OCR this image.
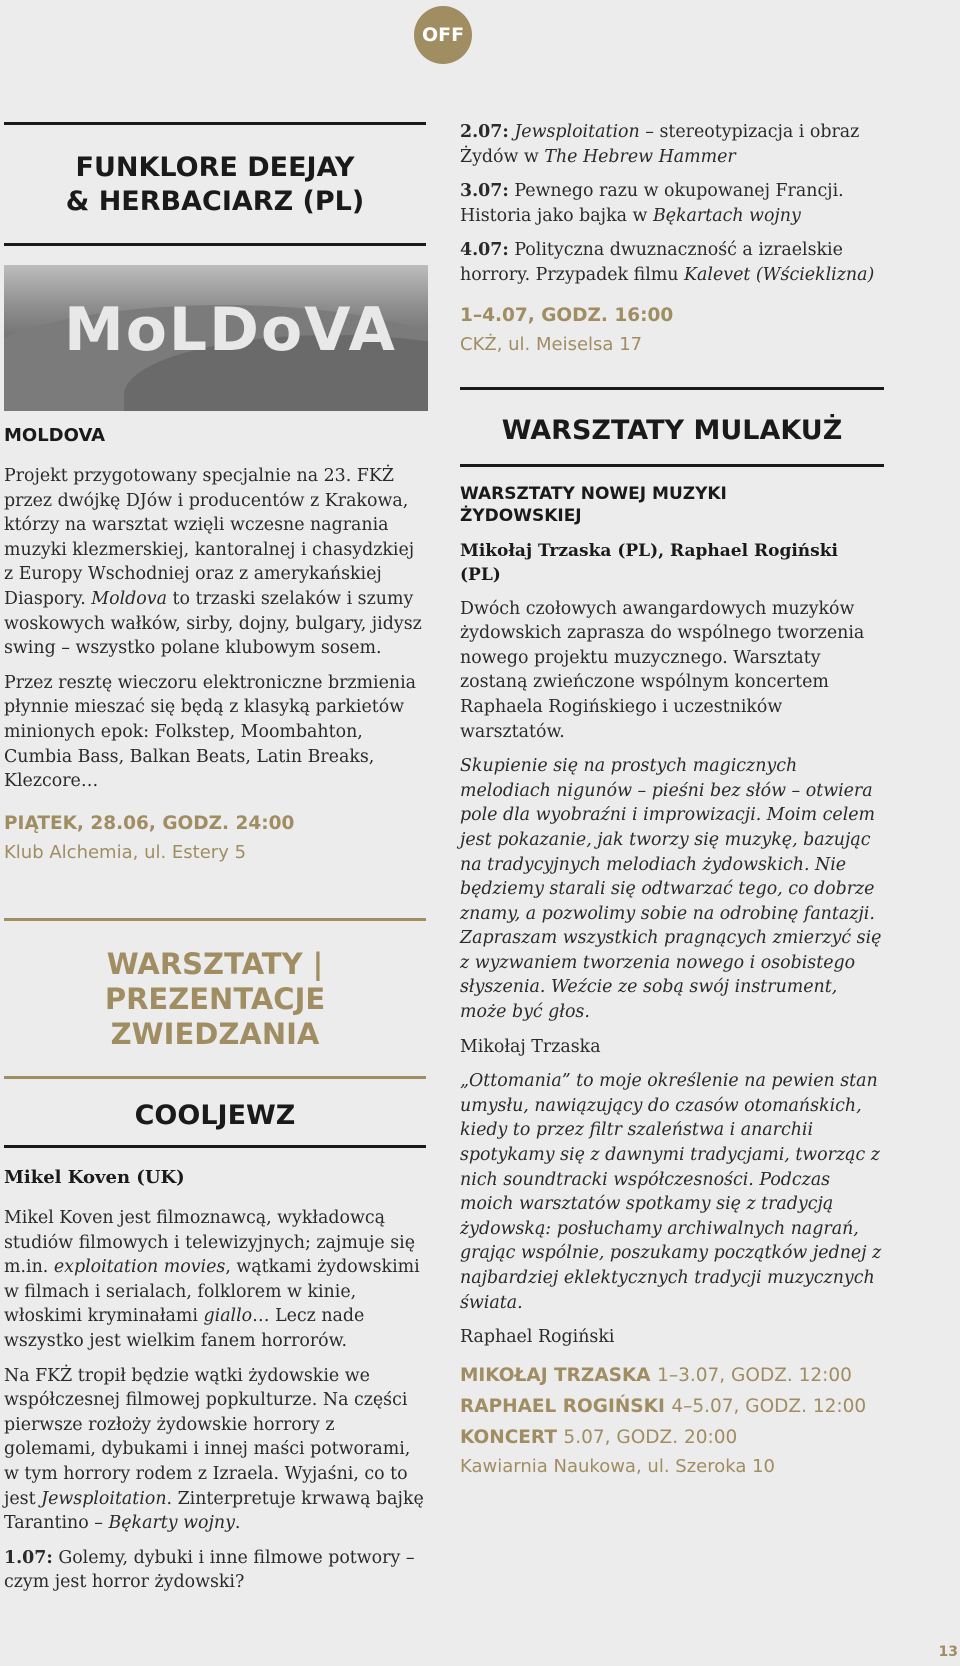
OFF
FUNKLORE DEEJAY
& HERBACIARZ (PL)
MoLDoVA
MOLDOVA

Projekt przygotowany specjalnie na 23. FKŻ przez dwójkę DJów i producentów z Krakowa, którzy na warsztat wzięli wczesne nagrania muzyki klezmerskiej, kantoralnej i chasydzkiej z Europy Wschodniej oraz z amerykańskiej Diaspory. Moldova to trzaski szelaków i szumy woskowych wałków, sirby, dojny, bulgary, jidysz swing – wszystko polane klubowym sosem.

Przez resztę wieczoru elektroniczne brzmienia płynnie mieszać się będą z klasyką parkietów minionych epok: Folkstep, Moombahton, Cumbia Bass, Balkan Beats, Latin Breaks, Klezcore…

PIĄTEK, 28.06, GODZ. 24:00
Klub Alchemia, ul. Estery 5
WARSZTATY | PREZENTACJE
ZWIEDZANIA
COOLJEWZ
Mikel Koven (UK)

Mikel Koven jest filmoznawcą, wykładowcą studiów filmowych i telewizyjnych; zajmuje się m.in. exploitation movies, wątkami żydowskimi w filmach i serialach, folklorem w kinie, włoskimi kryminałami giallo… Lecz nade wszystko jest wielkim fanem horrorów.

Na FKŻ tropił będzie wątki żydowskie we współczesnej filmowej popkulturze. Na części pierwsze rozłoży żydowskie horrory z golemami, dybukami i innej maści potworami, w tym horrory rodem z Izraela. Wyjaśni, co to jest Jewsploitation. Zinterpretuje krwawą bajkę Tarantino – Bękarty wojny.

1.07: Golemy, dybuki i inne filmowe potwory – czym jest horror żydowski?

2.07: Jewsploitation – stereotypizacja i obraz Żydów w The Hebrew Hammer

3.07: Pewnego razu w okupowanej Francji. Historia jako bajka w Bękartach wojny

4.07: Polityczna dwuznaczność a izraelskie horrory. Przypadek filmu Kalevet (Wścieklizna)

1–4.07, GODZ. 16:00
CKŻ, ul. Meiselsa 17
WARSZTATY MULAKUŻ
WARSZTATY NOWEJ MUZYKI
ŻYDOWSKIEJ
Mikołaj Trzaska (PL), Raphael Rogiński (PL)

Dwóch czołowych awangardowych muzyków żydowskich zaprasza do wspólnego tworzenia nowego projektu muzycznego. Warsztaty zostaną zwieńczone wspólnym koncertem Raphaela Rogińskiego i uczestników warsztatów.

Skupienie się na prostych magicznych melodiach nigunów – pieśni bez słów – otwiera pole dla wyobraźni i improwizacji. Moim celem jest pokazanie, jak tworzy się muzykę, bazując na tradycyjnych melodiach żydowskich. Nie będziemy starali się odtwarzać tego, co dobrze znamy, a pozwolimy sobie na odrobinę fantazji. Zapraszam wszystkich pragnących zmierzyć się z wyzwaniem tworzenia nowego i osobistego słyszenia. Weźcie ze sobą swój instrument, może być głos.

Mikołaj Trzaska

„Ottomania” to moje określenie na pewien stan umysłu, nawiązujący do czasów otomańskich, kiedy to przez filtr szaleństwa i anarchii spotykamy się z dawnymi tradycjami, tworząc z nich soundtracki współczesności. Podczas moich warsztatów spotkamy się z tradycją żydowską: posłuchamy archiwalnych nagrań, grając wspólnie, poszukamy początków jednej z najbardziej eklektycznych tradycji muzycznych świata.

Raphael Rogiński

MIKOŁAJ TRZASKA 1–3.07, GODZ. 12:00
RAPHAEL ROGIŃSKI 4–5.07, GODZ. 12:00
KONCERT 5.07, GODZ. 20:00
Kawiarnia Naukowa, ul. Szeroka 10
13
